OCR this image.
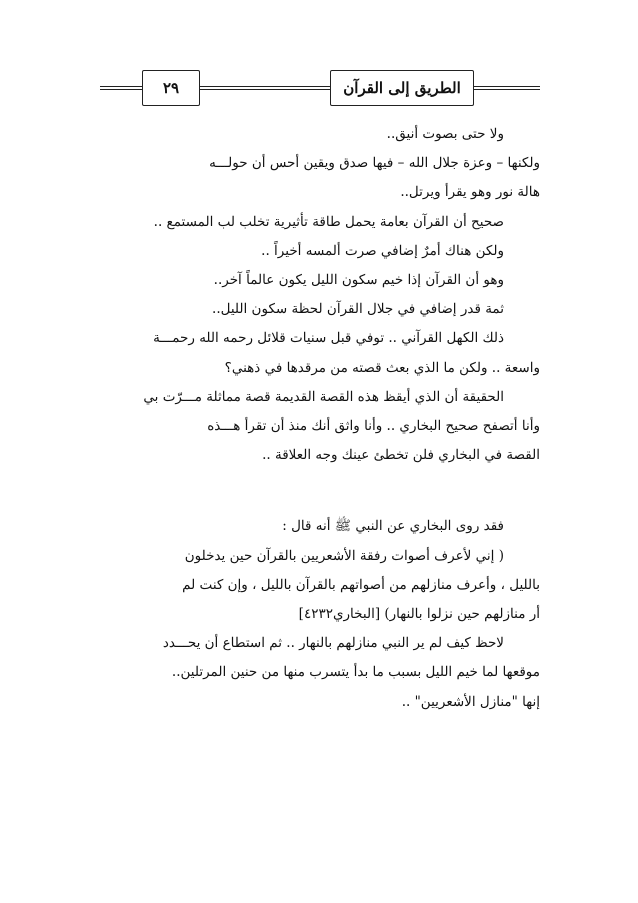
٢٩	الطريق إلى القرآن
ولا حتى بصوت أنيق..
ولكنها – وعزة جلال الله – فيها صدق ويقين أحس أن حولـــه
هالة نور وهو يقرأ ويرتل..
صحيح أن القرآن بعامة يحمل طاقة تأثيرية تخلب لب المستمع ..
ولكن هناك أمرٌ إضافي صرت ألمسه أخيراً ..
وهو أن القرآن إذا خيم سكون الليل يكون عالماً آخر..
ثمة قدر إضافي في جلال القرآن لحظة سكون الليل..
ذلك الكهل القرآني .. توفي قبل سنيات قلائل رحمه الله رحمـــة
واسعة .. ولكن ما الذي بعث قصته من مرقدها في ذهني؟
الحقيقة أن الذي أيقظ هذه القصة القديمة قصة مماثلة مـــرّت بي
وأنا أتصفح صحيح البخاري .. وأنا واثق أنك منذ أن تقرأ هـــذه
القصة في البخاري فلن تخطئ عينك وجه العلاقة ..
فقد روى البخاري عن النبي ﷺ أنه قال :
( إني لأعرف أصوات رفقة الأشعريين بالقرآن حين يدخلون
بالليل ، وأعرف منازلهم من أصواتهم بالقرآن بالليل ، وإن كنت لم
أر منازلهم حين نزلوا بالنهار) [البخاري٤٢٣٢]
لاحظ كيف لم ير النبي منازلهم بالنهار .. ثم استطاع أن يحـــدد
موقعها لما خيم الليل بسبب ما بدأ يتسرب منها من حنين المرتلين..
إنها "منازل الأشعريين" ..
